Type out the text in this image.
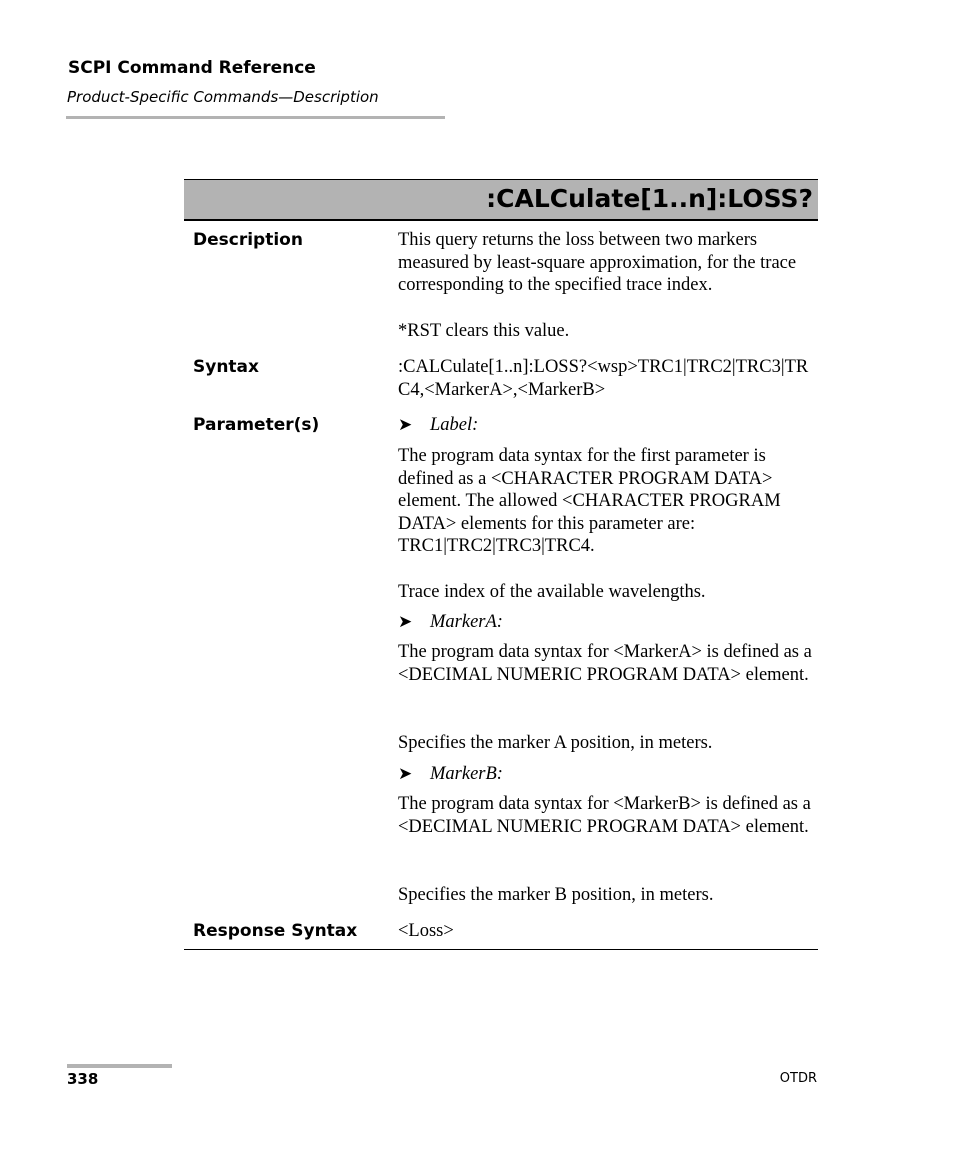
SCPI Command Reference
Product-Specific Commands—Description
:CALCulate[1..n]:LOSS?
Description	This query returns the loss between two markers measured by least-square approximation, for the trace corresponding to the specified trace index.
*RST clears this value.
Syntax	:CALCulate[1..n]:LOSS?<wsp>TRC1|TRC2|TRC3|TRC4,<MarkerA>,<MarkerB>
Parameter(s)	➤ Label:
The program data syntax for the first parameter is defined as a <CHARACTER PROGRAM DATA> element. The allowed <CHARACTER PROGRAM DATA> elements for this parameter are: TRC1|TRC2|TRC3|TRC4.
Trace index of the available wavelengths.
➤ MarkerA:
The program data syntax for <MarkerA> is defined as a <DECIMAL NUMERIC PROGRAM DATA> element.
Specifies the marker A position, in meters.
➤ MarkerB:
The program data syntax for <MarkerB> is defined as a <DECIMAL NUMERIC PROGRAM DATA> element.
Specifies the marker B position, in meters.
Response Syntax <Loss>
338	OTDR
